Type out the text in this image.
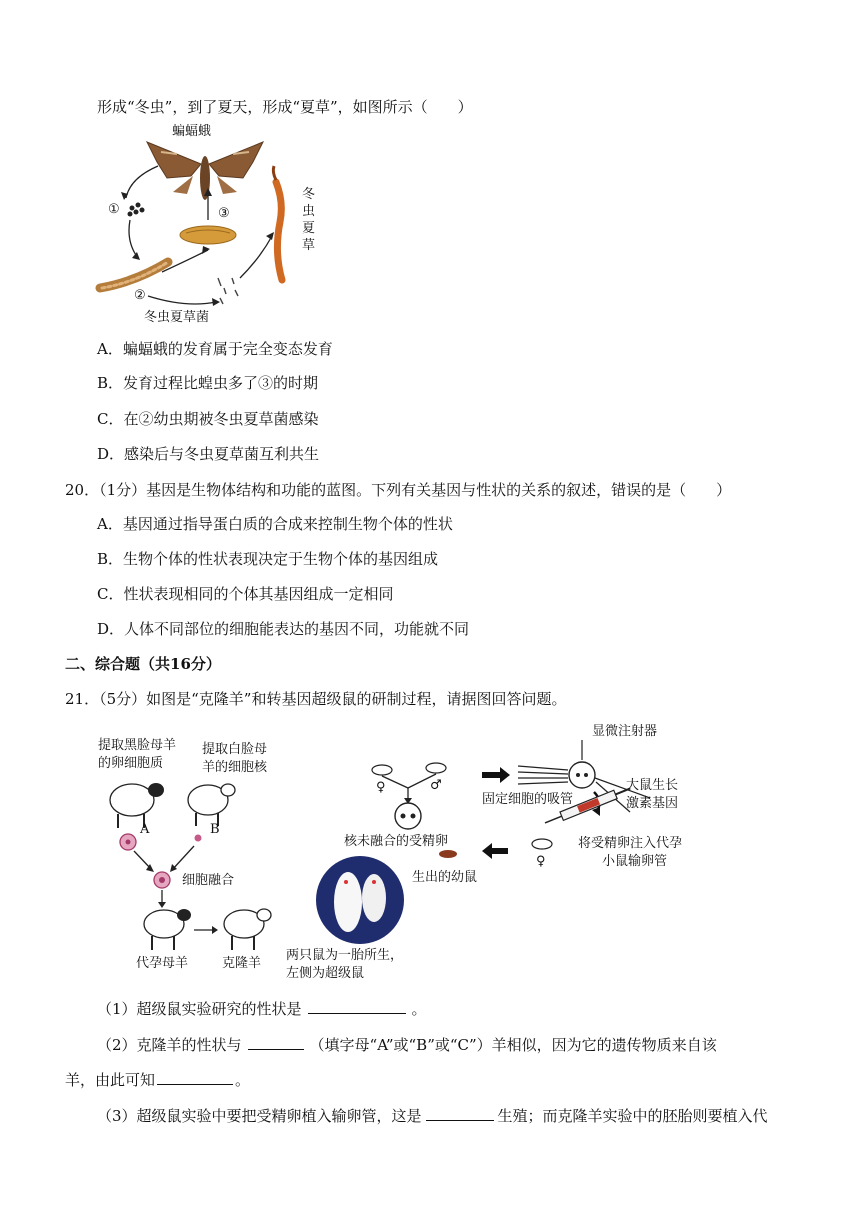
形成“冬虫”，到了夏天，形成“夏草”，如图所示（　　）
蝙蝠蛾
①	③
②
冬虫夏草菌
冬虫夏草
A．蝙蝠蛾的发育属于完全变态发育
B．发育过程比蝗虫多了③的时期
C．在②幼虫期被冬虫夏草菌感染
D．感染后与冬虫夏草菌互利共生
20．（1分）基因是生物体结构和功能的蓝图。下列有关基因与性状的关系的叙述，错误的是（　　）
A．基因通过指导蛋白质的合成来控制生物个体的性状
B．生物个体的性状表现决定于生物个体的基因组成
C．性状表现相同的个体其基因组成一定相同
D．人体不同部位的细胞能表达的基因不同，功能就不同
二、综合题（共16分）
21．（5分）如图是“克隆羊”和转基因超级鼠的研制过程，请据图回答问题。
提取黑脸母羊
的卵细胞质
提取白脸母
羊的细胞核
A	B
细胞融合
代孕母羊	克隆羊
♀	♂
核未融合的受精卵
固定细胞的吸管
显微注射器
大鼠生长
激素基因
将受精卵注入代孕
小鼠输卵管
♀
生出的幼鼠
两只鼠为一胎所生，
左侧为超级鼠
（1）超级鼠实验研究的性状是	。
（2）克隆羊的性状与	（填字母“A”或“B”或“C”）羊相似，因为它的遗传物质来自该
羊，由此可知	。
（3）超级鼠实验中要把受精卵植入输卵管，这是	生殖；而克隆羊实验中的胚胎则要植入代
